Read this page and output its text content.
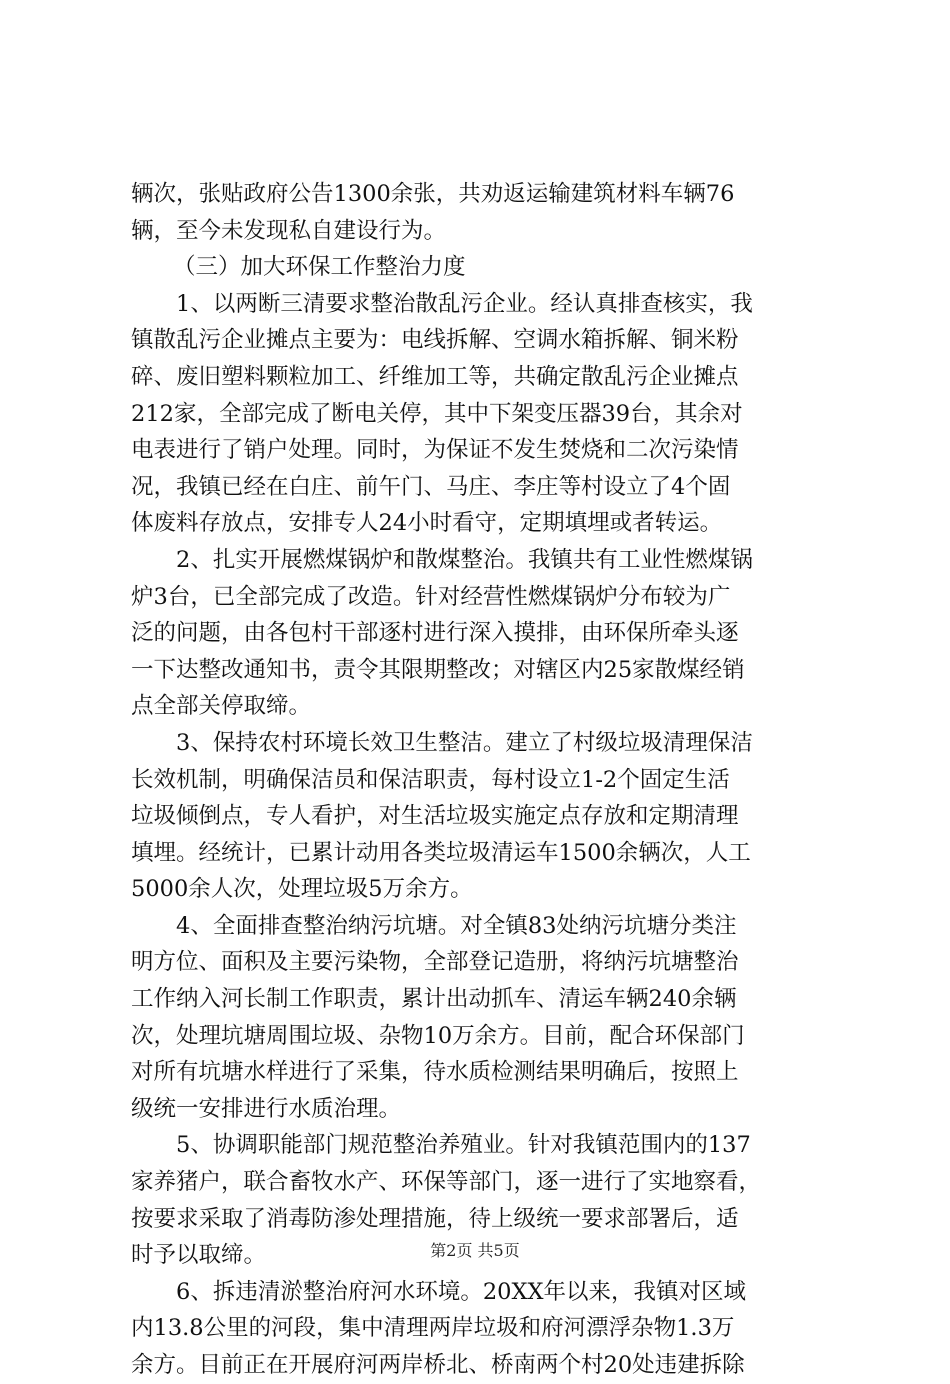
辆次，张贴政府公告1300余张，共劝返运输建筑材料车辆76
辆，至今未发现私自建设行为。
（三）加大环保工作整治力度
1、以两断三清要求整治散乱污企业。经认真排查核实，我
镇散乱污企业摊点主要为：电线拆解、空调水箱拆解、铜米粉
碎、废旧塑料颗粒加工、纤维加工等，共确定散乱污企业摊点
212家，全部完成了断电关停，其中下架变压器39台，其余对
电表进行了销户处理。同时，为保证不发生焚烧和二次污染情
况，我镇已经在白庄、前午门、马庄、李庄等村设立了4个固
体废料存放点，安排专人24小时看守，定期填埋或者转运。
2、扎实开展燃煤锅炉和散煤整治。我镇共有工业性燃煤锅
炉3台，已全部完成了改造。针对经营性燃煤锅炉分布较为广
泛的问题，由各包村干部逐村进行深入摸排，由环保所牵头逐
一下达整改通知书，责令其限期整改；对辖区内25家散煤经销
点全部关停取缔。
3、保持农村环境长效卫生整洁。建立了村级垃圾清理保洁
长效机制，明确保洁员和保洁职责，每村设立1-2个固定生活
垃圾倾倒点，专人看护，对生活垃圾实施定点存放和定期清理
填埋。经统计，已累计动用各类垃圾清运车1500余辆次，人工
5000余人次，处理垃圾5万余方。
4、全面排查整治纳污坑塘。对全镇83处纳污坑塘分类注
明方位、面积及主要污染物，全部登记造册，将纳污坑塘整治
工作纳入河长制工作职责，累计出动抓车、清运车辆240余辆
次，处理坑塘周围垃圾、杂物10万余方。目前，配合环保部门
对所有坑塘水样进行了采集，待水质检测结果明确后，按照上
级统一安排进行水质治理。
5、协调职能部门规范整治养殖业。针对我镇范围内的137
家养猪户，联合畜牧水产、环保等部门，逐一进行了实地察看，
按要求采取了消毒防渗处理措施，待上级统一要求部署后，适
时予以取缔。
6、拆违清淤整治府河水环境。20XX年以来，我镇对区域
内13.8公里的河段，集中清理两岸垃圾和府河漂浮杂物1.3万
余方。目前正在开展府河两岸桥北、桥南两个村20处违建拆除
第2页 共5页
